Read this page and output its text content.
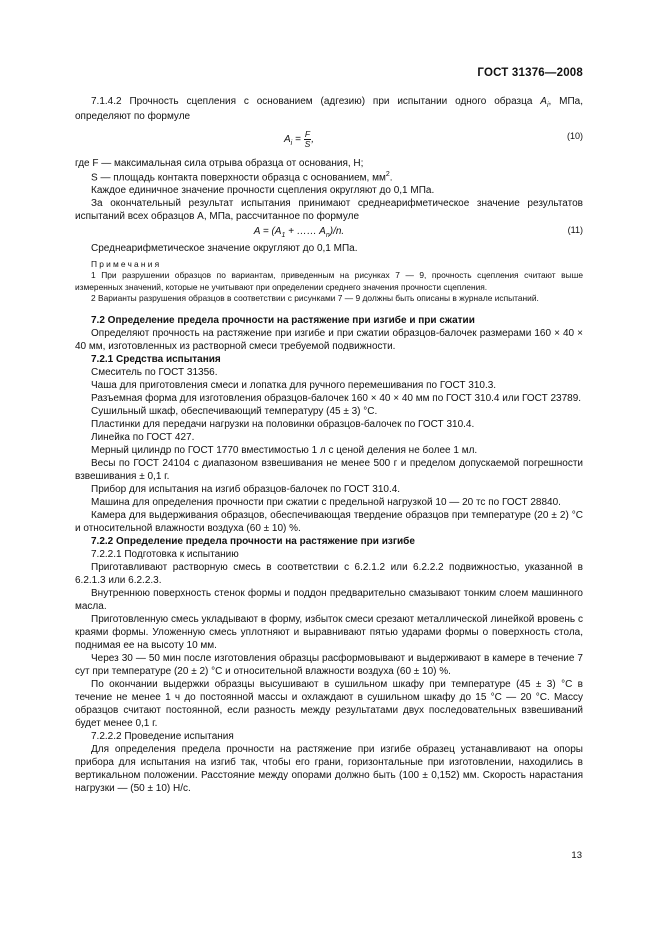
ГОСТ 31376—2008

7.1.4.2 Прочность сцепления с основанием (адгезию) при испытании одного образца $A_i$, МПа, определяют по формуле

$A_i = \frac{F}{S}$ ,	(10)

где F — максимальная сила отрыва образца от основания, Н;

S — площадь контакта поверхности образца с основанием, $мм^2$.

Каждое единичное значение прочности сцепления округляют до 0,1 МПа.

За окончательный результат испытания принимают среднеарифметическое значение результатов испытаний всех образцов А, МПа, рассчитанное по формуле

$A = (A_1$ + …… $A_n)/n$.	(11)

Среднеарифметическое значение округляют до 0,1 МПа.

Примечания

1 При разрушении образцов по вариантам, приведенным на рисунках 7 — 9, прочность сцепления считают выше измеренных значений, которые не учитывают при определении среднего значения прочности сцепления.

2 Варианты разрушения образцов в соответствии с рисунками 7 — 9 должны быть описаны в журнале испытаний.

7.2 Определение предела прочности на растяжение при изгибе и при сжатии

Определяют прочность на растяжение при изгибе и при сжатии образцов-балочек размерами 160 × 40 × 40 мм, изготовленных из растворной смеси требуемой подвижности.

7.2.1 Средства испытания

Смеситель по ГОСТ 31356.

Чаша для приготовления смеси и лопатка для ручного перемешивания по ГОСТ 310.3.

Разъемная форма для изготовления образцов-балочек 160 × 40 × 40 мм по ГОСТ 310.4 или ГОСТ 23789.

Сушильный шкаф, обеспечивающий температуру (45 ± 3) °С.

Пластинки для передачи нагрузки на половинки образцов-балочек по ГОСТ 310.4.

Линейка по ГОСТ 427.

Мерный цилиндр по ГОСТ 1770 вместимостью 1 л с ценой деления не более 1 мл.

Весы по ГОСТ 24104 с диапазоном взвешивания не менее 500 г и пределом допускаемой погрешности взвешивания ± 0,1 г.

Прибор для испытания на изгиб образцов-балочек по ГОСТ 310.4.

Машина для определения прочности при сжатии с предельной нагрузкой 10 — 20 тс по ГОСТ 28840.

Камера для выдерживания образцов, обеспечивающая твердение образцов при температуре (20 ± 2) °С и относительной влажности воздуха (60 ± 10) %.

7.2.2 Определение предела прочности на растяжение при изгибе

7.2.2.1 Подготовка к испытанию

Приготавливают растворную смесь в соответствии с 6.2.1.2 или 6.2.2.2 подвижностью, указанной в 6.2.1.3 или 6.2.2.3.

Внутреннюю поверхность стенок формы и поддон предварительно смазывают тонким слоем машинного масла.

Приготовленную смесь укладывают в форму, избыток смеси срезают металлической линейкой вровень с краями формы. Уложенную смесь уплотняют и выравнивают пятью ударами формы о поверхность стола, поднимая ее на высоту 10 мм.

Через 30 — 50 мин после изготовления образцы расформовывают и выдерживают в камере в течение 7 сут при температуре (20 ± 2) °С и относительной влажности воздуха (60 ± 10) %.

По окончании выдержки образцы высушивают в сушильном шкафу при температуре (45 ± 3) °С в течение не менее 1 ч до постоянной массы и охлаждают в сушильном шкафу до 15 °С — 20 °С. Массу образцов считают постоянной, если разность между результатами двух последовательных взвешиваний будет менее 0,1 г.

7.2.2.2 Проведение испытания

Для определения предела прочности на растяжение при изгибе образец устанавливают на опоры прибора для испытания на изгиб так, чтобы его грани, горизонтальные при изготовлении, находились в вертикальном положении. Расстояние между опорами должно быть (100 ± 0,152) мм. Скорость нарастания нагрузки — (50 ± 10) Н/с.

13
